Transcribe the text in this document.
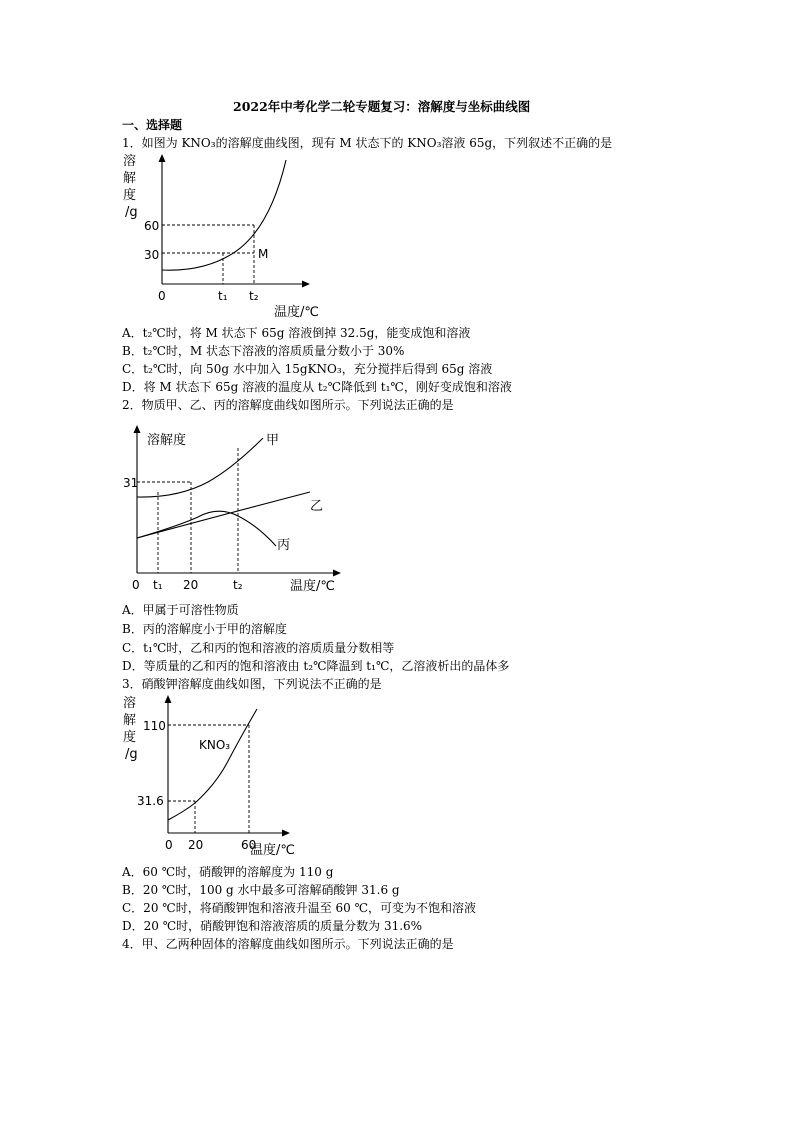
2022年中考化学二轮专题复习：溶解度与坐标曲线图
一、选择题
1．如图为 KNO₃的溶解度曲线图，现有 M 状态下的 KNO₃溶液 65g，下列叙述不正确的是
溶
解
度
/g
60
30	M
0	t₁ t₂
温度/℃
A．t₂℃时，将 M 状态下 65g 溶液倒掉 32.5g，能变成饱和溶液
B．t₂℃时，M 状态下溶液的溶质质量分数小于 30%
C．t₂℃时，向 50g 水中加入 15gKNO₃，充分搅拌后得到 65g 溶液
D．将 M 状态下 65g 溶液的温度从 t₂℃降低到 t₁℃，刚好变成饱和溶液
2．物质甲、乙、丙的溶解度曲线如图所示。下列说法正确的是
溶解度
31
甲
乙
丙
0 t₁ 20	t₂	温度/℃
A．甲属于可溶性物质
B．丙的溶解度小于甲的溶解度
C．t₁℃时，乙和丙的饱和溶液的溶质质量分数相等
D．等质量的乙和丙的饱和溶液由 t₂℃降温到 t₁℃，乙溶液析出的晶体多
3．硝酸钾溶解度曲线如图，下列说法不正确的是
溶
解
度
/g
110
31.6
KNO₃
0 20	60
温度/℃
A．60 ℃时，硝酸钾的溶解度为 110 g
B．20 ℃时，100 g 水中最多可溶解硝酸钾 31.6 g
C．20 ℃时，将硝酸钾饱和溶液升温至 60 ℃，可变为不饱和溶液
D．20 ℃时，硝酸钾饱和溶液溶质的质量分数为 31.6%
4．甲、乙两种固体的溶解度曲线如图所示。下列说法正确的是
